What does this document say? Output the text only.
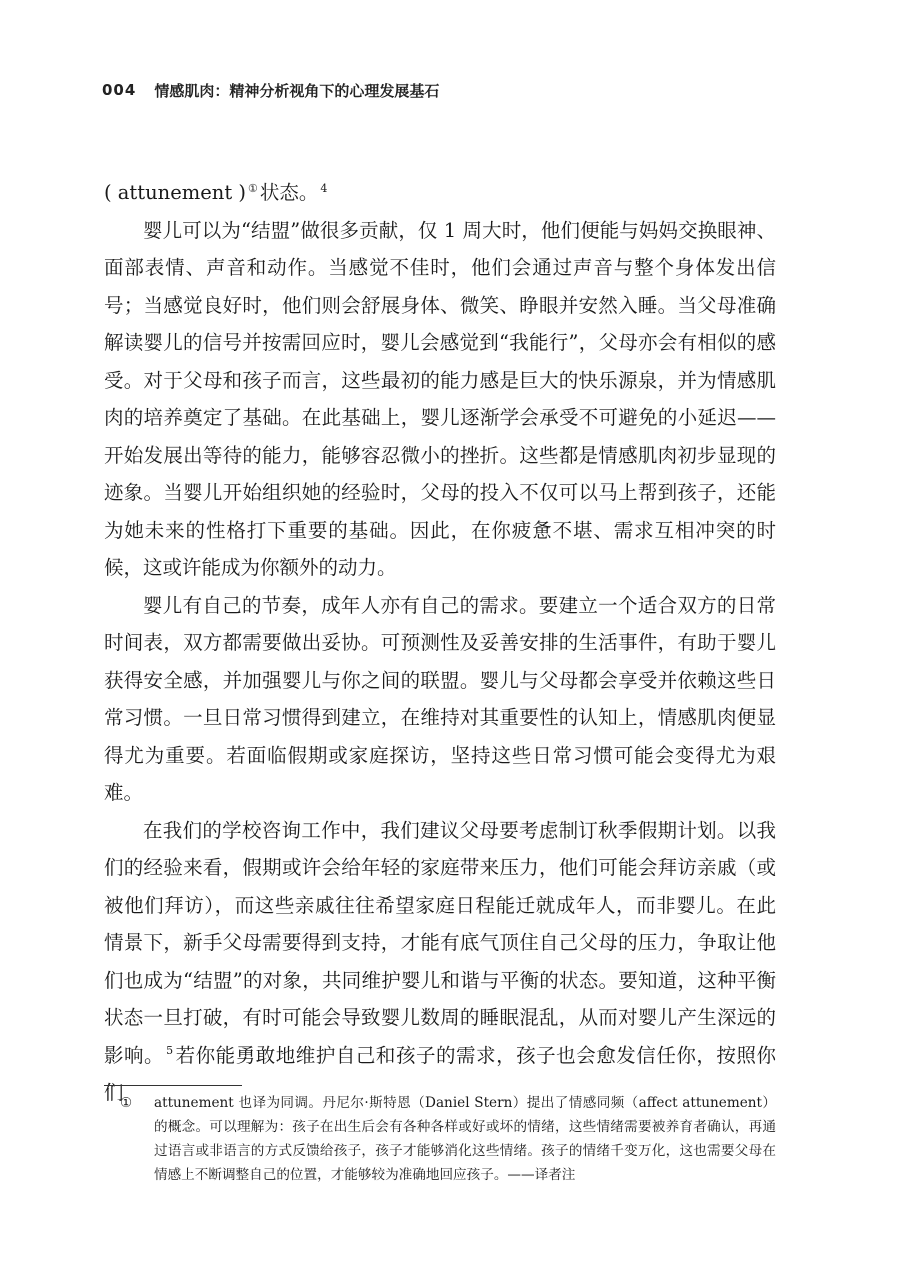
004 情感肌肉：精神分析视角下的心理发展基石

( attunement ) ① 状态。 $^4$

婴儿可以为“结盟”做很多贡献，仅 1 周大时，他们便能与妈妈交换眼神、面部表情、声音和动作。当感觉不佳时，他们会通过声音与整个身体发出信号；当感觉良好时，他们则会舒展身体、微笑、睁眼并安然入睡。当父母准确解读婴儿的信号并按需回应时，婴儿会感觉到“我能行”，父母亦会有相似的感受。对于父母和孩子而言，这些最初的能力感是巨大的快乐源泉，并为情感肌肉的培养奠定了基础。在此基础上，婴儿逐渐学会承受不可避免的小延迟——开始发展出等待的能力，能够容忍微小的挫折。这些都是情感肌肉初步显现的迹象。当婴儿开始组织她的经验时，父母的投入不仅可以马上帮到孩子，还能为她未来的性格打下重要的基础。因此，在你疲惫不堪、需求互相冲突的时候，这或许能成为你额外的动力。

婴儿有自己的节奏，成年人亦有自己的需求。要建立一个适合双方的日常时间表，双方都需要做出妥协。可预测性及妥善安排的生活事件，有助于婴儿获得安全感，并加强婴儿与你之间的联盟。婴儿与父母都会享受并依赖这些日常习惯。一旦日常习惯得到建立，在维持对其重要性的认知上，情感肌肉便显得尤为重要。若面临假期或家庭探访，坚持这些日常习惯可能会变得尤为艰难。

在我们的学校咨询工作中，我们建议父母要考虑制订秋季假期计划。以我们的经验来看，假期或许会给年轻的家庭带来压力，他们可能会拜访亲戚（或被他们拜访），而这些亲戚往往希望家庭日程能迁就成年人，而非婴儿。在此情景下，新手父母需要得到支持，才能有底气顶住自己父母的压力，争取让他们也成为“结盟”的对象，共同维护婴儿和谐与平衡的状态。要知道，这种平衡状态一旦打破，有时可能会导致婴儿数周的睡眠混乱，从而对婴儿产生深远的影响。 $^5$ 若你能勇敢地维护自己和孩子的需求，孩子也会愈发信任你，按照你们

①	attunement 也译为同调。丹尼尔·斯特恩（Daniel Stern）提出了情感同频（affect attunement）的概念。可以理解为：孩子在出生后会有各种各样或好或坏的情绪，这些情绪需要被养育者确认，再通过语言或非语言的方式反馈给孩子，孩子才能够消化这些情绪。孩子的情绪千变万化，这也需要父母在情感上不断调整自己的位置，才能够较为准确地回应孩子。——译者注
